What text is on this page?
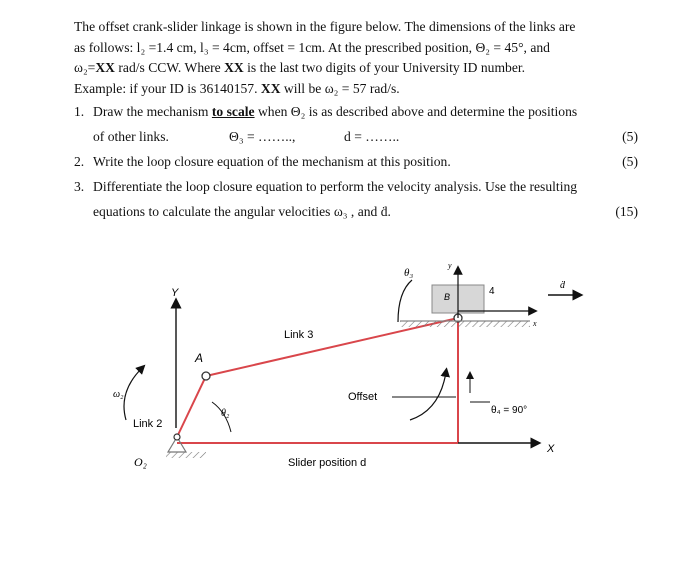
The offset crank-slider linkage is shown in the figure below. The dimensions of the links are
as follows: l₂ =1.4 cm, l₃ = 4cm, offset = 1cm. At the prescribed position, Θ₂ = 45°, and
ω₂=XX rad/s CCW. Where XX is the last two digits of your University ID number.
Example: if your ID is 36140157. XX will be ω₂ = 57 rad/s.
1. Draw the mechanism to scale when Θ₂ is as described above and determine the positions
of other links.	Θ₃ = ……..,	d = ……..	(5)
2. Write the loop closure equation of the mechanism at this position.	(5)
3. Differentiate the loop closure equation to perform the velocity analysis. Use the resulting
equations to calculate the angular velocities ω₃ , and ḋ.	(15)
Y
A
O₂
ω₂
Link 2
θ₂
Link 3
Offset
θ₃
B	4
y
x
ḋ
θ₄ = 90°
X
Slider position d
